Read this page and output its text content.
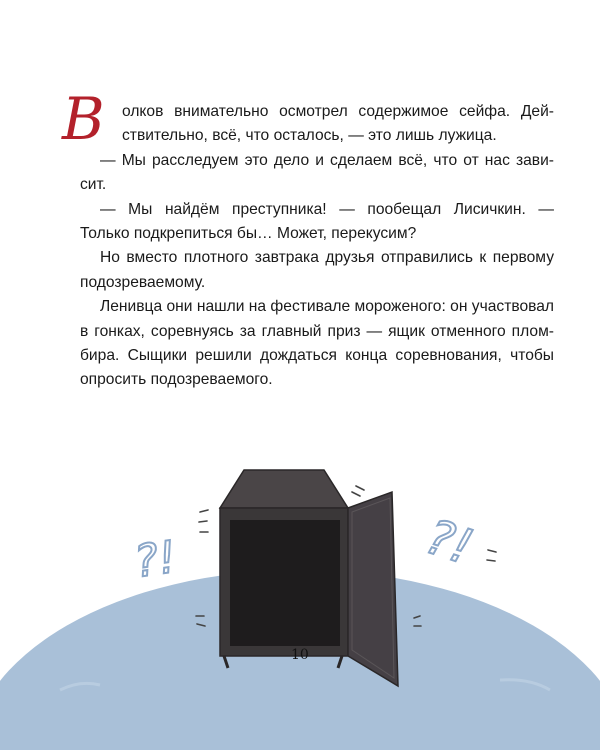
В олков внимательно осмотрел содержимое сейфа. Дей-
ствительно, всё, что осталось, — это лишь лужица.
— Мы расследуем это дело и сделаем всё, что от нас зави-
сит.
— Мы найдём преступника! — пообещал Лисичкин. —
Только подкрепиться бы… Может, перекусим?
Но вместо плотного завтрака друзья отправились к первому
подозреваемому.
Ленивца они нашли на фестивале мороженого: он участвовал
в гонках, соревнуясь за главный приз — ящик отменного плом-
бира. Сыщики решили дождаться конца соревнования, чтобы
опросить подозреваемого.
?!	?!
10
